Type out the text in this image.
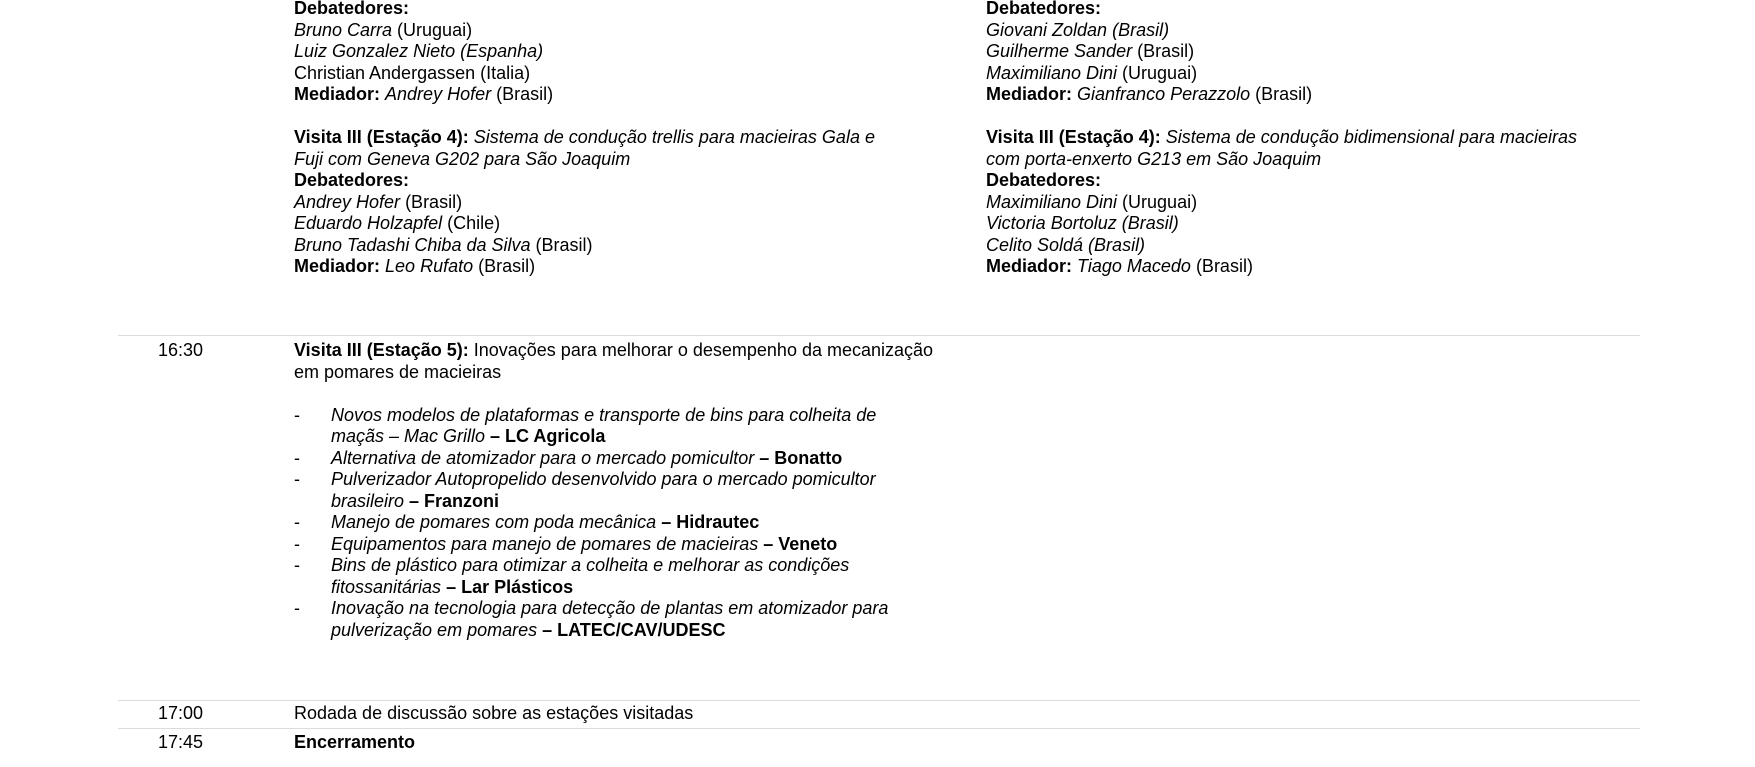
Debatedores:
Bruno Carra (Uruguai)
Luiz Gonzalez Nieto (Espanha)
Christian Andergassen (Italia)
Mediador: Andrey Hofer (Brasil)
Visita III (Estação 4): Sistema de condução trellis para macieiras Gala e Fuji com Geneva G202 para São Joaquim
Debatedores:
Andrey Hofer (Brasil)
Eduardo Holzapfel (Chile)
Bruno Tadashi Chiba da Silva (Brasil)
Mediador: Leo Rufato (Brasil)
Debatedores:
Giovani Zoldan (Brasil)
Guilherme Sander (Brasil)
Maximiliano Dini (Uruguai)
Mediador: Gianfranco Perazzolo (Brasil)
Visita III (Estação 4): Sistema de condução bidimensional para macieiras com porta-enxerto G213 em São Joaquim
Debatedores:
Maximiliano Dini (Uruguai)
Victoria Bortoluz (Brasil)
Celito Soldá (Brasil)
Mediador: Tiago Macedo (Brasil)
16:30	Visita III (Estação 5): Inovações para melhorar o desempenho da mecanização em pomares de macieiras
- Novos modelos de plataformas e transporte de bins para colheita de maçãs – Mac Grillo – LC Agricola
- Alternativa de atomizador para o mercado pomicultor – Bonatto
- Pulverizador Autopropelido desenvolvido para o mercado pomicultor brasileiro – Franzoni
- Manejo de pomares com poda mecânica – Hidrautec
- Equipamentos para manejo de pomares de macieiras – Veneto
- Bins de plástico para otimizar a colheita e melhorar as condições fitossanitárias – Lar Plásticos
- Inovação na tecnologia para detecção de plantas em atomizador para pulverização em pomares – LATEC/CAV/UDESC
17:00	Rodada de discussão sobre as estações visitadas
17:45	Encerramento
